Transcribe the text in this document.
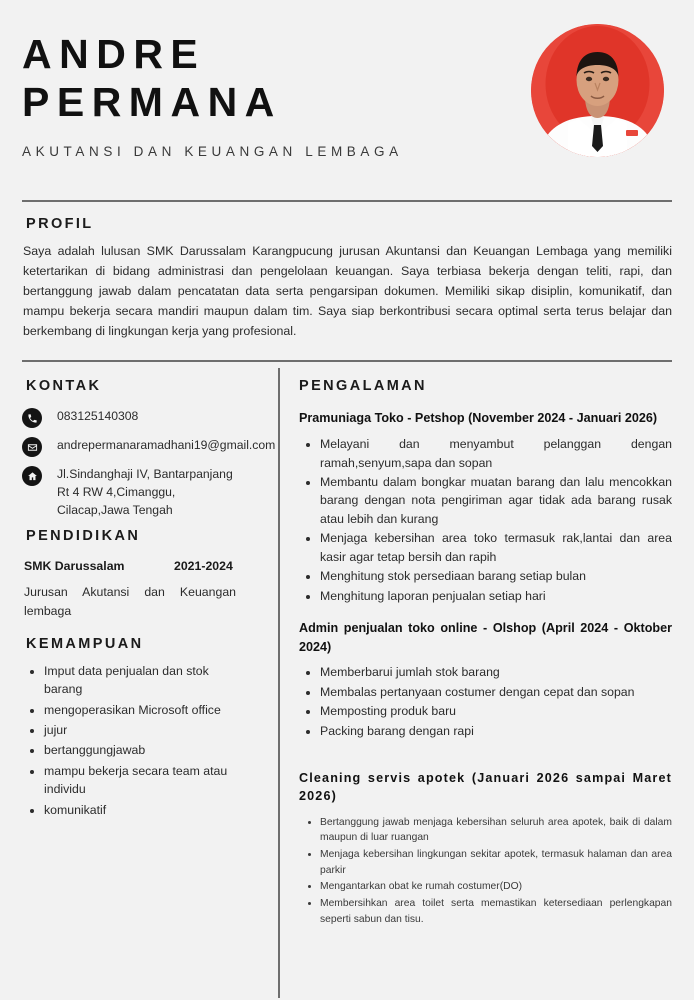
ANDRE
PERMANA
AKUTANSI DAN KEUANGAN LEMBAGA
PROFIL

Saya adalah lulusan SMK Darussalam Karangpucung jurusan Akuntansi dan Keuangan Lembaga yang memiliki ketertarikan di bidang administrasi dan pengelolaan keuangan. Saya terbiasa bekerja dengan teliti, rapi, dan bertanggung jawab dalam pencatatan data serta pengarsipan dokumen. Memiliki sikap disiplin, komunikatif, dan mampu bekerja secara mandiri maupun dalam tim. Saya siap berkontribusi secara optimal serta terus belajar dan berkembang di lingkungan kerja yang profesional.

KONTAK
083125140308
andrepermanaramadhani19@gmail.com
Jl.Sindanghaji IV, Bantarpanjang Rt 4 RW 4,Cimanggu, Cilacap,Jawa Tengah
PENDIDIKAN
SMK Darussalam	2021-2024
Jurusan Akutansi dan Keuangan lembaga
KEMAMPUAN
• Imput data penjualan dan stok barang
• mengoperasikan Microsoft office
• jujur
• bertanggungjawab
• mampu bekerja secara team atau individu
• komunikatif
PENGALAMAN
Pramuniaga Toko - Petshop (November 2024 - Januari 2026)
• Melayani dan menyambut pelanggan dengan ramah,senyum,sapa dan sopan
• Membantu dalam bongkar muatan barang dan lalu mencokkan barang dengan nota pengiriman agar tidak ada barang rusak atau lebih dan kurang
• Menjaga kebersihan area toko termasuk rak,lantai dan area kasir agar tetap bersih dan rapih
• Menghitung stok persediaan barang setiap bulan
• Menghitung laporan penjualan setiap hari
Admin penjualan toko online - Olshop (April 2024 - Oktober 2024)
• Memberbarui jumlah stok barang
• Membalas pertanyaan costumer dengan cepat dan sopan
• Memposting produk baru
• Packing barang dengan rapi
Cleaning servis apotek (Januari 2026 sampai Maret 2026)
• Bertanggung jawab menjaga kebersihan seluruh area apotek, baik di dalam maupun di luar ruangan
• Menjaga kebersihan lingkungan sekitar apotek, termasuk halaman dan area parkir
• Mengantarkan obat ke rumah costumer(DO)
• Membersihkan area toilet serta memastikan ketersediaan perlengkapan seperti sabun dan tisu.
